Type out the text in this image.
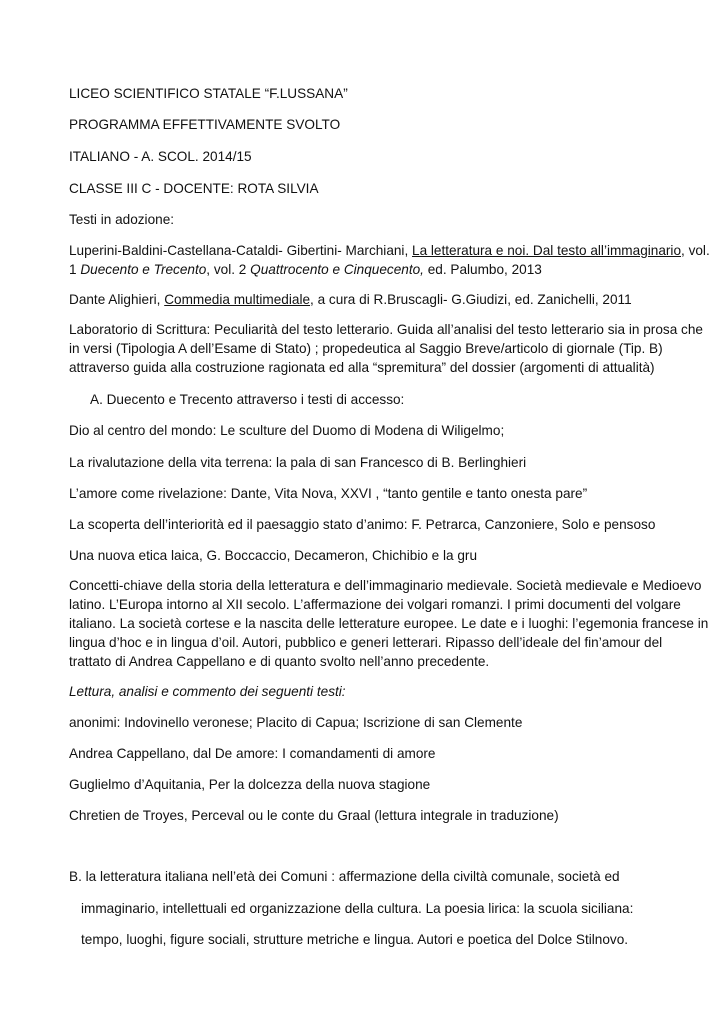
LICEO SCIENTIFICO STATALE “F.LUSSANA”
PROGRAMMA EFFETTIVAMENTE SVOLTO
ITALIANO - A. SCOL. 2014/15
CLASSE III C - DOCENTE: ROTA SILVIA
Testi in adozione:
Luperini-Baldini-Castellana-Cataldi- Gibertini- Marchiani, La letteratura e noi. Dal testo all’immaginario, vol.
1 Duecento e Trecento, vol. 2 Quattrocento e Cinquecento, ed. Palumbo, 2013
Dante Alighieri, Commedia multimediale, a cura di R.Bruscagli- G.Giudizi, ed. Zanichelli, 2011
Laboratorio di Scrittura: Peculiarità del testo letterario. Guida all’analisi del testo letterario sia in prosa che
in versi (Tipologia A dell’Esame di Stato) ; propedeutica al Saggio Breve/articolo di giornale (Tip. B)
attraverso guida alla costruzione ragionata ed alla “spremitura” del dossier (argomenti di attualità)
A. Duecento e Trecento attraverso i testi di accesso:
Dio al centro del mondo: Le sculture del Duomo di Modena di Wiligelmo;
La rivalutazione della vita terrena: la pala di san Francesco di B. Berlinghieri
L’amore come rivelazione: Dante, Vita Nova, XXVI , “tanto gentile e tanto onesta pare”
La scoperta dell’interiorità ed il paesaggio stato d’animo: F. Petrarca, Canzoniere, Solo e pensoso
Una nuova etica laica, G. Boccaccio, Decameron, Chichibio e la gru
Concetti-chiave della storia della letteratura e dell’immaginario medievale. Società medievale e Medioevo
latino. L’Europa intorno al XII secolo. L’affermazione dei volgari romanzi. I primi documenti del volgare
italiano. La società cortese e la nascita delle letterature europee. Le date e i luoghi: l’egemonia francese in
lingua d’hoc e in lingua d’oil. Autori, pubblico e generi letterari. Ripasso dell’ideale del fin’amour del
trattato di Andrea Cappellano e di quanto svolto nell’anno precedente.
Lettura, analisi e commento dei seguenti testi:
anonimi: Indovinello veronese; Placito di Capua; Iscrizione di san Clemente
Andrea Cappellano, dal De amore: I comandamenti di amore
Guglielmo d’Aquitania, Per la dolcezza della nuova stagione
Chretien de Troyes, Perceval ou le conte du Graal (lettura integrale in traduzione)
B. la letteratura italiana nell’età dei Comuni : affermazione della civiltà comunale, società ed
immaginario, intellettuali ed organizzazione della cultura. La poesia lirica: la scuola siciliana:
tempo, luoghi, figure sociali, strutture metriche e lingua. Autori e poetica del Dolce Stilnovo.
